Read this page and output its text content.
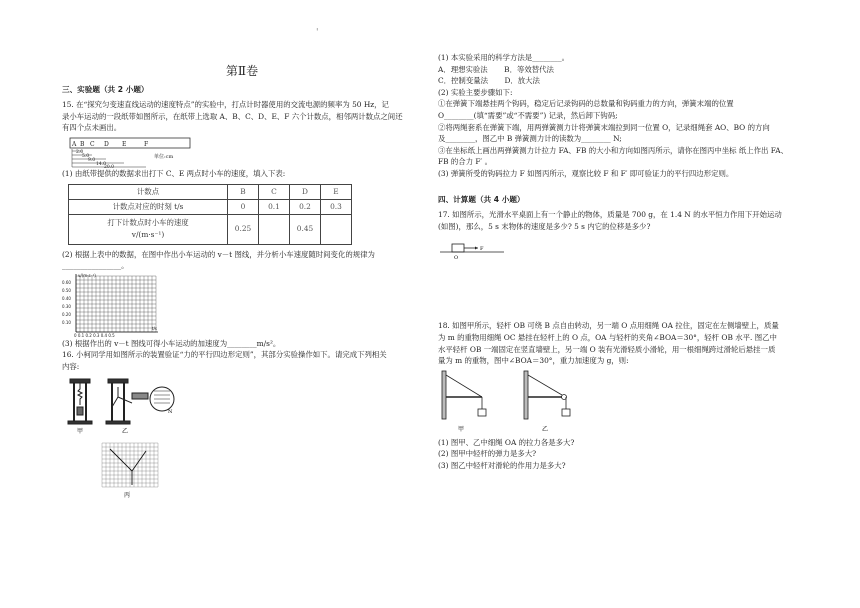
'
第Ⅱ卷
三、实验题（共 2 小题）

15. 在“探究匀变速直线运动的速度特点”的实验中，打点计时器使用的交流电源的频率为 50 Hz，记

录小车运动的一段纸带如图所示，在纸带上选取 A、B、C、D、E、F 六个计数点，相邻两计数点之间还

有四个点未画出。

A B C D E	F
单位:cm
2.0
5.0
9.0
14.0
20.0

(1) 由纸带提供的数据求出打下 C、E 两点时小车的速度，填入下表:

计数点	B	C	D	E
计数点对应的时刻 t/s	0	0.1	0.2	0.3

打下计数点时小车的速度
v/(m·s⁻¹)	0.25		0.45	

(2) 根据上表中的数据，在图中作出小车运动的 v－t 图线，并分析小车速度随时间变化的规律为

________________。

v/(m·s⁻¹)
0.60
0.50
0.40
0.30
0.20
0.10
t/s
0 0.1 0.2 0.3 0.4 0.5

(3) 根据作出的 v－t 图线可得小车运动的加速度为________m/s²。

16. 小柯同学用如图所示的装置验证“力的平行四边形定则”，其部分实验操作如下。请完成下列相关

内容:

甲
N
乙
丙

(1) 本实验采用的科学方法是________。

A．理想实验法 B．等效替代法

C．控制变量法 D．放大法

(2) 实验主要步骤如下:

①在弹簧下端悬挂两个钩码，稳定后记录钩码的总数量和钩码重力的方向，弹簧末端的位置

O________(填“需要”或“不需要”) 记录，然后卸下钩码;

②将两绳套系在弹簧下端，用两弹簧测力计将弹簧末端拉到同一位置 O，记录细绳套 AO、BO 的方向

及________，图乙中 B 弹簧测力计的读数为________ N;

③在坐标纸上画出两弹簧测力计拉力 FA、FB 的大小和方向如图丙所示，请你在图丙中坐标 纸上作出 FA、

FB 的合力 F′ 。

(3) 弹簧所受的钩码拉力 F 如图丙所示，观察比较 F 和 F′ 即可验证力的平行四边形定则。

四、计算题（共 4 小题）

17. 如图所示，光滑水平桌面上有一个静止的物体，质量是 700 g，在 1.4 N 的水平恒力作用下开始运动

(如图)，那么，5 s 末物体的速度是多少? 5 s 内它的位移是多少?

F
O

18. 如图甲所示，轻杆 OB 可绕 B 点自由转动，另一端 O 点用细绳 OA 拉住，固定在左侧墙壁上，质量

为 m 的重物用细绳 OC 悬挂在轻杆上的 O 点，OA 与轻杆的夹角∠BOA＝30°，轻杆 OB 水平. 图乙中

水平轻杆 OB 一端固定在竖直墙壁上，另一端 O 装有光滑轻质小滑轮，用一根细绳跨过滑轮后悬挂一质

量为 m 的重物，图中∠BOA＝30°，重力加速度为 g，则:

甲	乙

(1) 图甲、乙中细绳 OA 的拉力各是多大?

(2) 图甲中轻杆的弹力是多大?

(3) 图乙中轻杆对滑轮的作用力是多大?
